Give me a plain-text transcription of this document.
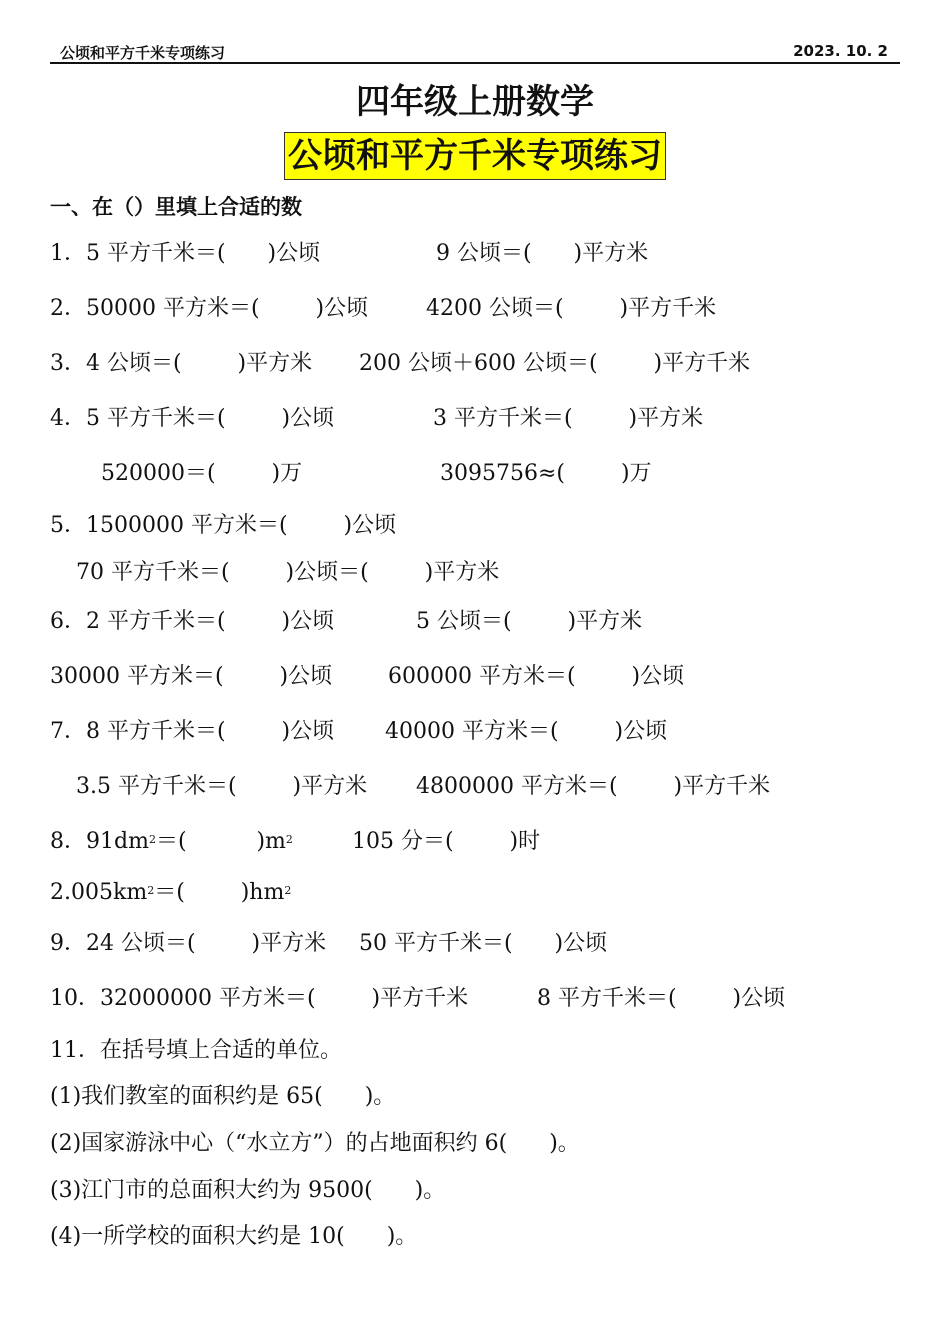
公顷和平方千米专项练习	2023. 10. 2
四年级上册数学
公顷和平方千米专项练习
一、在（）里填上合适的数
1．5 平方千米＝(      )公顷	9 公顷＝(      )平方米
2．50000 平方米＝(        )公顷	4200 公顷＝(        )平方千米
3．4 公顷＝(        )平方米 200 公顷＋600 公顷＝(        )平方千米
4．5 平方千米＝(        )公顷	3 平方千米＝(        )平方米
520000＝(        )万	3095756≈(        )万
5．1500000 平方米＝(        )公顷
70 平方千米＝(        )公顷＝(        )平方米
6．2 平方千米＝(        )公顷	5 公顷＝(        )平方米
30000 平方米＝(        )公顷	600000 平方米＝(        )公顷
7．8 平方千米＝(        )公顷 40000 平方米＝(        )公顷
3.5 平方千米＝(        )平方米 4800000 平方米＝(        )平方千米
8．$91dm^2=$(          )$m^2$	105 分＝(        )时
$2.005km^2=$(        )$hm^2$
9．24 公顷＝(        )平方米 50 平方千米＝(      )公顷
10．32000000 平方米＝(        )平方千米	8 平方千米＝(        )公顷
11．在括号填上合适的单位。
(1)我们教室的面积约是 65(      )。
(2)国家游泳中心（“水立方”）的占地面积约 6(      )。
(3)江门市的总面积大约为 9500(      )。
(4)一所学校的面积大约是 10(      )。
